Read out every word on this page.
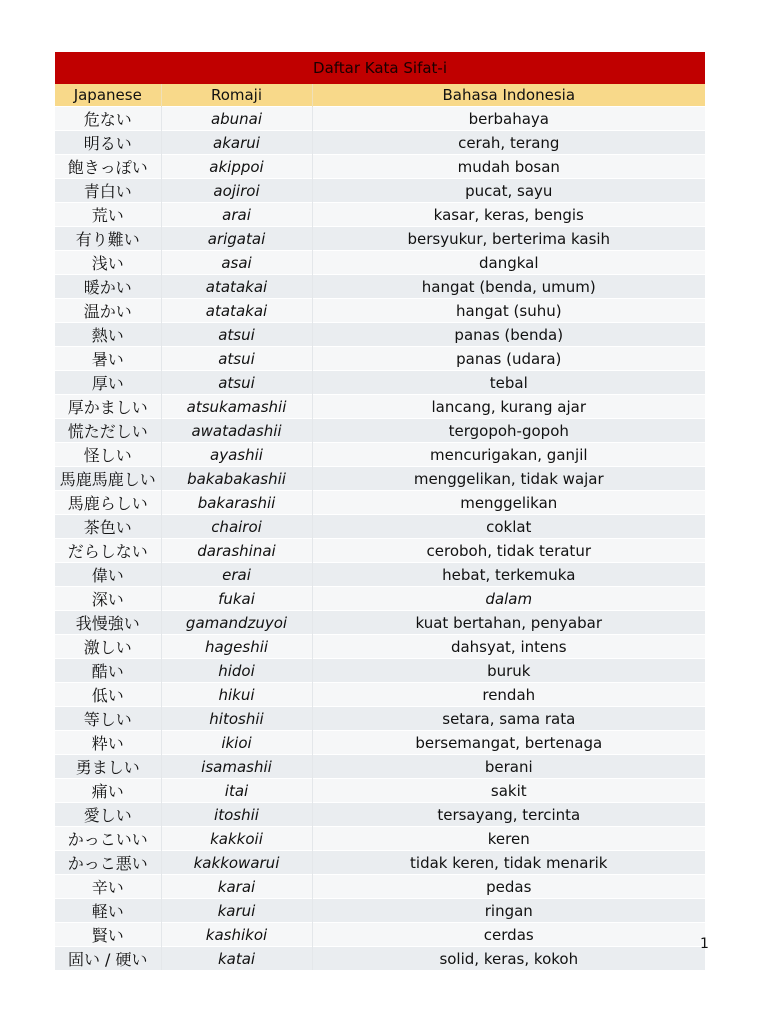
Daftar Kata Sifat-i		
Japanese	Romaji	Bahasa Indonesia
危ない	abunai	berbahaya
明るい	akarui	cerah, terang
飽きっぽい	akippoi	mudah bosan
青白い	aojiroi	pucat, sayu
荒い	arai	kasar, keras, bengis
有り難い	arigatai	bersyukur, berterima kasih
浅い	asai	dangkal
暖かい	atatakai	hangat (benda, umum)
温かい	atatakai	hangat (suhu)
熱い	atsui	panas (benda)
暑い	atsui	panas (udara)
厚い	atsui	tebal
厚かましい	atsukamashii	lancang, kurang ajar
慌ただしい	awatadashii	tergopoh-gopoh
怪しい	ayashii	mencurigakan, ganjil
馬鹿馬鹿しい	bakabakashii	menggelikan, tidak wajar
馬鹿らしい	bakarashii	menggelikan
茶色い	chairoi	coklat
だらしない	darashinai	ceroboh, tidak teratur
偉い	erai	hebat, terkemuka
深い	fukai	dalam
我慢強い	gamandzuyoi	kuat bertahan, penyabar
激しい	hageshii	dahsyat, intens
酷い	hidoi	buruk
低い	hikui	rendah
等しい	hitoshii	setara, sama rata
粋い	ikioi	bersemangat, bertenaga
勇ましい	isamashii	berani
痛い	itai	sakit
愛しい	itoshii	tersayang, tercinta
かっこいい	kakkoii	keren
かっこ悪い	kakkowarui	tidak keren, tidak menarik
辛い	karai	pedas
軽い	karui	ringan
賢い	kashikoi	cerdas
固い / 硬い	katai	solid, keras, kokoh
1
